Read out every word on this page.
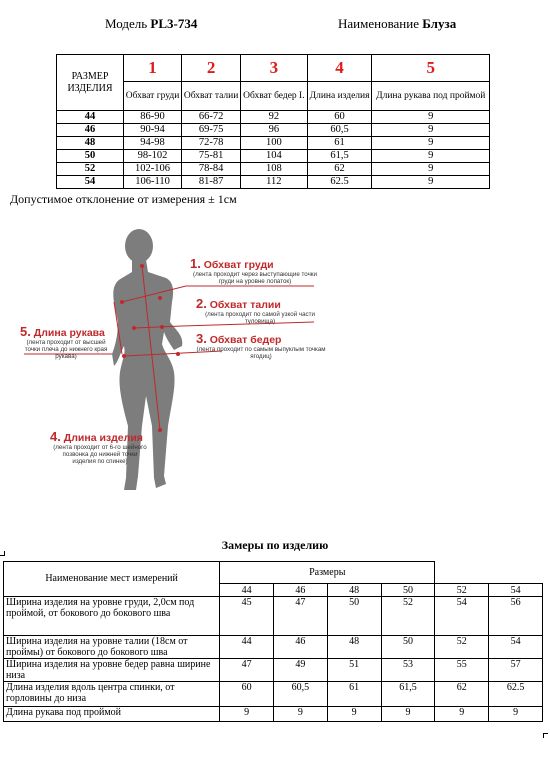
Модель PL3-734	Наименование Блуза
РАЗМЕР ИЗДЕЛИЯ	1	2	3	4	5
	Обхват груди	Обхват талии	Обхват бедер I.	Длина изделия	Длина рукава под проймой
44	86-90	66-72	92	60	9
46	90-94	69-75	96	60,5	9
48	94-98	72-78	100	61	9
50	98-102	75-81	104	61,5	9
52	102-106	78-84	108	62	9
54	106-110	81-87	112	62.5	9
Допустимое отклонение от измерения ± 1см
1. Обхват груди
(лента проходит через выступающие точки груди на уровне лопаток)
2. Обхват талии
(лента проходит по самой узкой части туловища)
3. Обхват бедер
(лента проходит по самым выпуклым точкам ягодиц)
4. Длина изделия
(лента проходит от 6-го шейного позвонка до нижней точки изделия по спинке)
5. Длина рукава
(лента проходит от высшей точки плеча до нижнего края рукава)
Замеры по изделию
Наименование мест измерений	Размеры					
	44	46	48	50	52	54
Ширина изделия на уровне груди, 2,0см под проймой, от бокового до бокового шва	45	47	50	52	54	56
Ширина изделия на уровне талии (18см от проймы) от бокового до бокового шва	44	46	48	50	52	54
Ширина изделия на уровне бедер равна ширине низа	47	49	51	53	55	57
Длина изделия вдоль центра спинки, от горловины до низа	60	60,5	61	61,5	62	62.5
Длина рукава под проймой	9	9	9	9	9	9
